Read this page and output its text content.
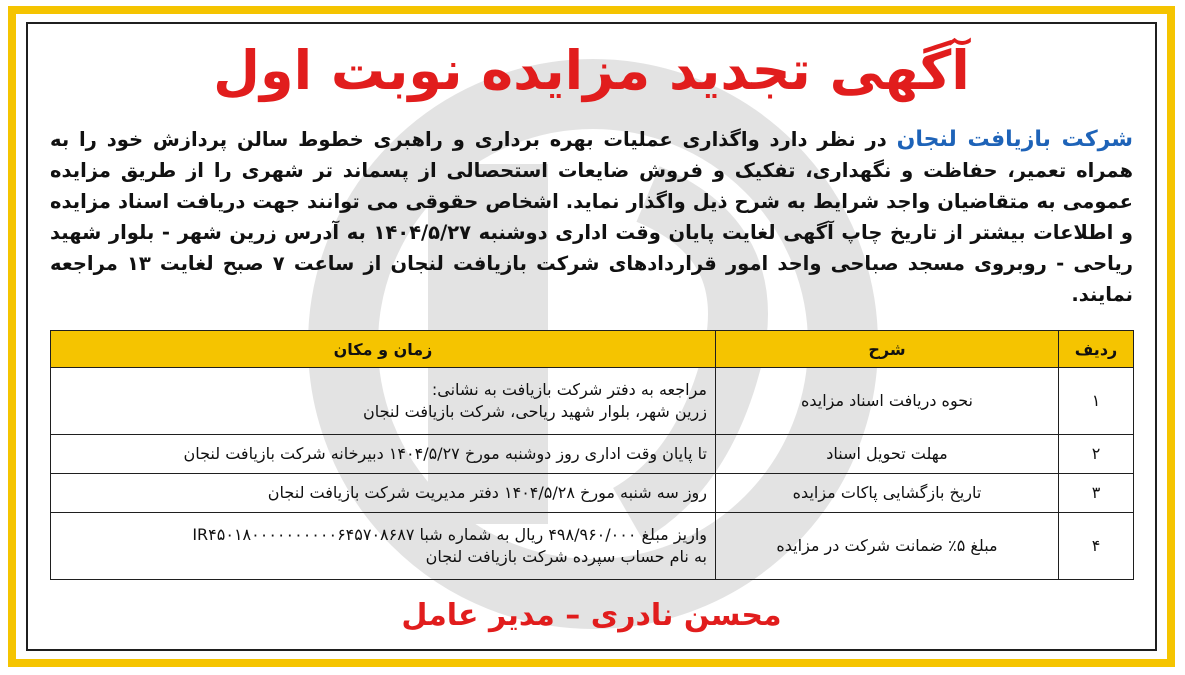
آگهی تجدید مزایده نوبت اول
شرکت بازیافت لنجان در نظر دارد واگذاری عملیات بهره برداری و راهبری خطوط سالن پردازش خود را به همراه تعمیر، حفاظت و نگهداری، تفکیک و فروش ضایعات استحصالی از پسماند تر شهری را از طریق مزایده عمومی به متقاضیان واجد شرایط به شرح ذیل واگذار نماید. اشخاص حقوقی می توانند جهت دریافت اسناد مزایده و اطلاعات بیشتر از تاریخ چاپ آگهی لغایت پایان وقت اداری دوشنبه ۱۴۰۴/۵/۲۷ به آدرس زرین شهر - بلوار شهید ریاحی - روبروی مسجد صباحی واحد امور قراردادهای شرکت بازیافت لنجان از ساعت ۷ صبح لغایت ۱۳ مراجعه نمایند.
ردیف	شرح	زمان و مکان
۱	نحوه دریافت اسناد مزایده	مراجعه به دفتر شرکت بازیافت به نشانی:
زرین شهر، بلوار شهید ریاحی، شرکت بازیافت لنجان

۲	مهلت تحویل اسناد	تا پایان وقت اداری روز دوشنبه مورخ ۱۴۰۴/۵/۲۷ دبیرخانه شرکت بازیافت لنجان

۳	تاریخ بازگشایی پاکات مزایده	روز سه شنبه مورخ ۱۴۰۴/۵/۲۸ دفتر مدیریت شرکت بازیافت لنجان

۴	مبلغ ۵٪ ضمانت شرکت در مزایده	واریز مبلغ ۴۹۸/۹۶۰/۰۰۰ ریال به شماره شبا IR۴۵۰۱۸۰۰۰۰۰۰۰۰۰۰۶۴۵۷۰۸۶۸۷
به نام حساب سپرده شرکت بازیافت لنجان
محسن نادری – مدیر عامل
